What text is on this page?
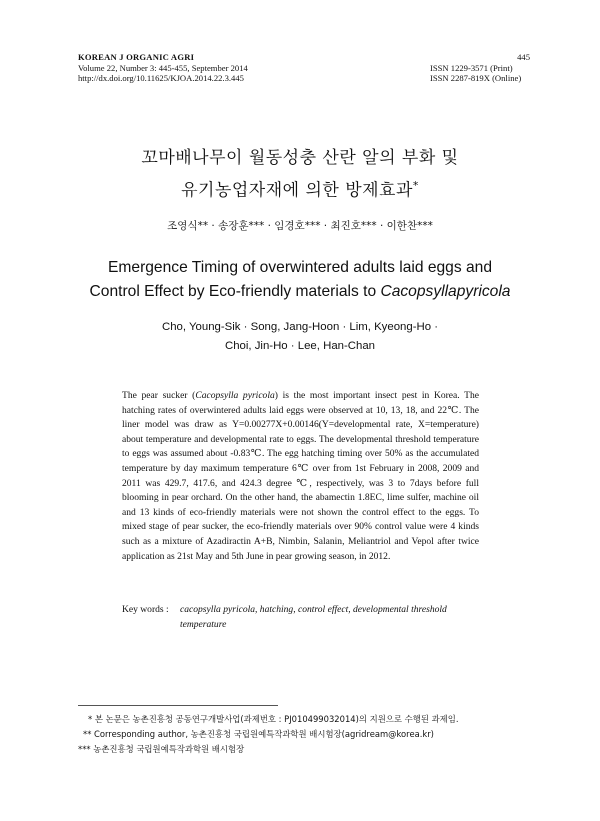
KOREAN J ORGANIC AGRI
Volume 22, Number 3: 445-455, September 2014
http://dx.doi.org/10.11625/KJOA.2014.22.3.445
445
ISSN 1229-3571 (Print)
ISSN 2287-819X (Online)
꼬마배나무이 월동성충 산란 알의 부화 및
유기농업자재에 의한 방제효과*
조영식** · 송장훈*** · 임경호*** · 최진호*** · 이한찬***
Emergence Timing of overwintered adults laid eggs and
Control Effect by Eco-friendly materials to Cacopsyllapyricola
Cho, Young-Sik · Song, Jang-Hoon · Lim, Kyeong-Ho ·
Choi, Jin-Ho · Lee, Han-Chan

The pear sucker (Cacopsylla pyricola) is the most important insect pest in Korea. The hatching rates of overwintered adults laid eggs were observed at 10, 13, 18, and 22℃. The liner model was draw as Y=0.00277X+0.00146(Y=developmental rate, X=temperature) about temperature and developmental rate to eggs. The developmental threshold temperature to eggs was assumed about -0.83℃. The egg hatching timing over 50% as the accumulated temperature by day maximum temperature 6℃ over from 1st February in 2008, 2009 and 2011 was 429.7, 417.6, and 424.3 degree ℃, respectively, was 3 to 7days before full blooming in pear orchard. On the other hand, the abamectin 1.8EC, lime sulfer, machine oil and 13 kinds of eco-friendly materials were not shown the control effect to the eggs. To mixed stage of pear sucker, the eco-friendly materials over 90% control value were 4 kinds such as a mixture of Azadiractin A+B, Nimbin, Salanin, Meliantriol and Vepol after twice application as 21st May and 5th June in pear growing season, in 2012.

Key words : cacopsylla pyricola, hatching, control effect, developmental threshold
temperature
* 본 논문은 농촌진흥청 공동연구개발사업(과제번호 : PJ010499032014)의 지원으로 수행된 과제임.
** Corresponding author, 농촌진흥청 국립원예특작과학원 배시험장(agridream@korea.kr)
*** 농촌진흥청 국립원예특작과학원 배시험장
